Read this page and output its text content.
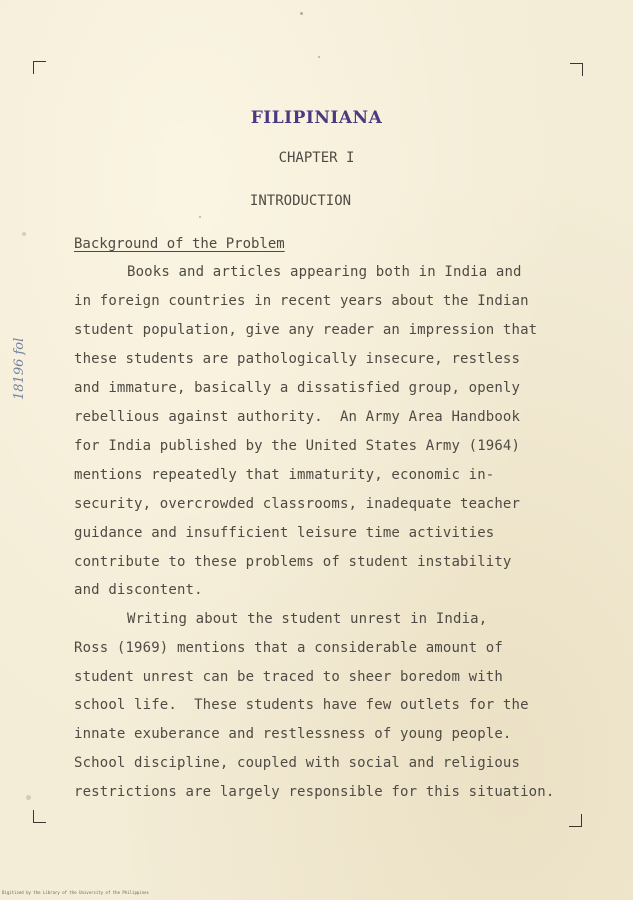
FILIPINIANA
CHAPTER I
INTRODUCTION
Background of the Problem
Books and articles appearing both in India and
in foreign countries in recent years about the Indian
student population, give any reader an impression that
these students are pathologically insecure, restless
and immature, basically a dissatisfied group, openly
rebellious against authority.  An Army Area Handbook
for India published by the United States Army (1964)
mentions repeatedly that immaturity, economic in-
security, overcrowded classrooms, inadequate teacher
guidance and insufficient leisure time activities
contribute to these problems of student instability
and discontent.
Writing about the student unrest in India,
Ross (1969) mentions that a considerable amount of
student unrest can be traced to sheer boredom with
school life.  These students have few outlets for the
innate exuberance and restlessness of young people.
School discipline, coupled with social and religious
restrictions are largely responsible for this situation.
18196 fol
Digitized by the Library of the University of the Philippines
